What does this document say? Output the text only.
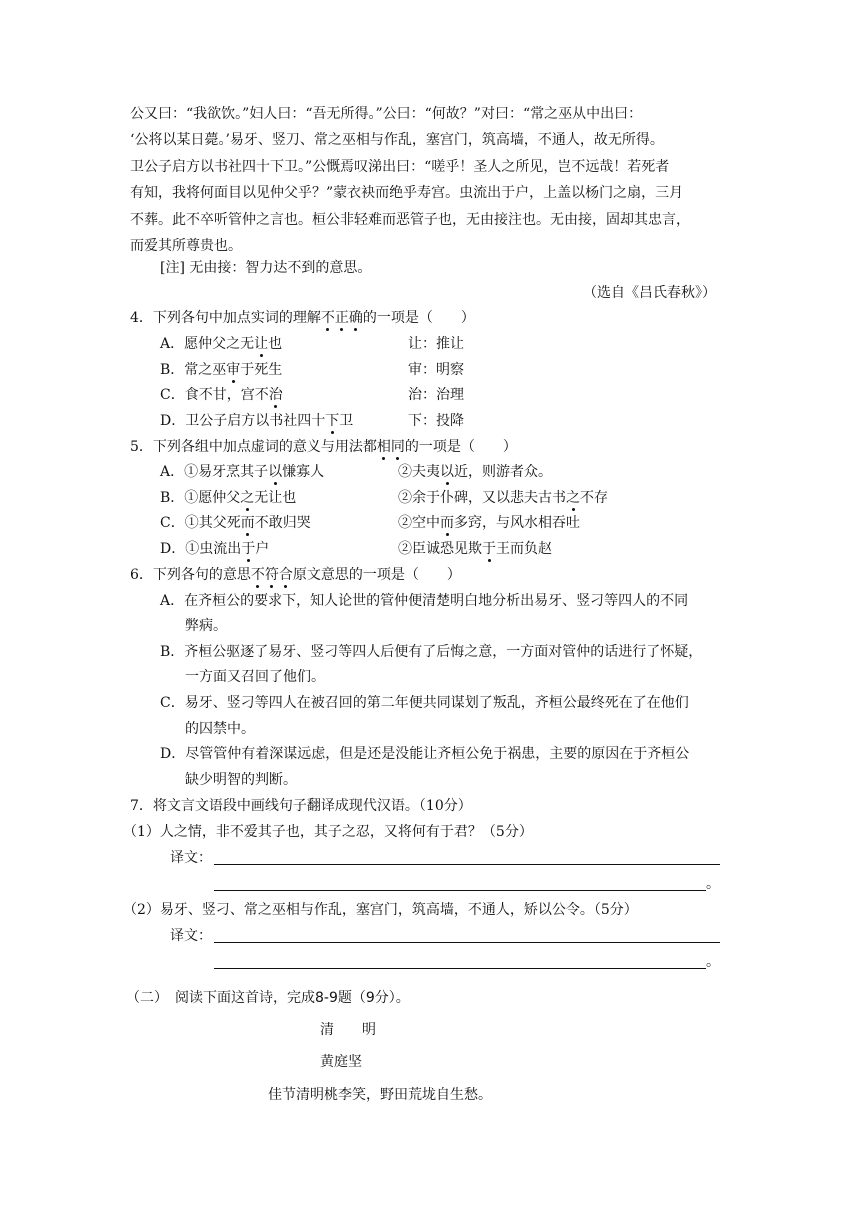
公又曰：“我欲饮。”妇人曰：“吾无所得。”公曰：“何故？”对曰：“常之巫从中出曰：
‘公将以某日薨。’易牙、竖刀、常之巫相与作乱，塞宫门，筑高墙，不通人，故无所得。
卫公子启方以书社四十下卫。”公慨焉叹涕出曰：“嗟乎！圣人之所见，岂不远哉！若死者
有知，我将何面目以见仲父乎？”蒙衣袂而绝乎寿宫。虫流出于户，上盖以杨门之扇，三月
不葬。此不卒听管仲之言也。桓公非轻难而恶管子也，无由接注也。无由接，固却其忠言，
而爱其所尊贵也。
[注] 无由接：智力达不到的意思。
（选自《吕氏春秋》）
4．下列各句中加点实词的理解不正确的一项是（　　）
A．愿仲父之无让也	让：推让
B．常之巫审于死生	审：明察
C．食不甘，宫不治	治：治理
D．卫公子启方以书社四十下卫	下：投降
5．下列各组中加点虚词的意义与用法都相同的一项是（　　）
A．①易牙烹其子以慊寡人	②夫夷以近，则游者众。
B．①愿仲父之无让也	②余于仆碑，又以悲夫古书之不存
C．①其父死而不敢归哭	②空中而多窍，与风水相吞吐
D．①虫流出于户	②臣诚恐见欺于王而负赵
6．下列各句的意思不符合原文意思的一项是（　　）
A．在齐桓公的要求下，知人论世的管仲便清楚明白地分析出易牙、竖刁等四人的不同
弊病。
B．齐桓公驱逐了易牙、竖刁等四人后便有了后悔之意，一方面对管仲的话进行了怀疑，
一方面又召回了他们。
C．易牙、竖刁等四人在被召回的第二年便共同谋划了叛乱，齐桓公最终死在了在他们
的囚禁中。
D．尽管管仲有着深谋远虑，但是还是没能让齐桓公免于祸患，主要的原因在于齐桓公
缺少明智的判断。
7．将文言文语段中画线句子翻译成现代汉语。（10分）
（1）人之情，非不爱其子也，其子之忍，又将何有于君？（5分）
译文：
。
（2）易牙、竖刁、常之巫相与作乱，塞宫门，筑高墙，不通人，矫以公令。（5分）
译文：
。
（二）　阅读下面这首诗，完成8-9题（9分）。
清　　明
黄庭坚
佳节清明桃李笑，野田荒垅自生愁。
